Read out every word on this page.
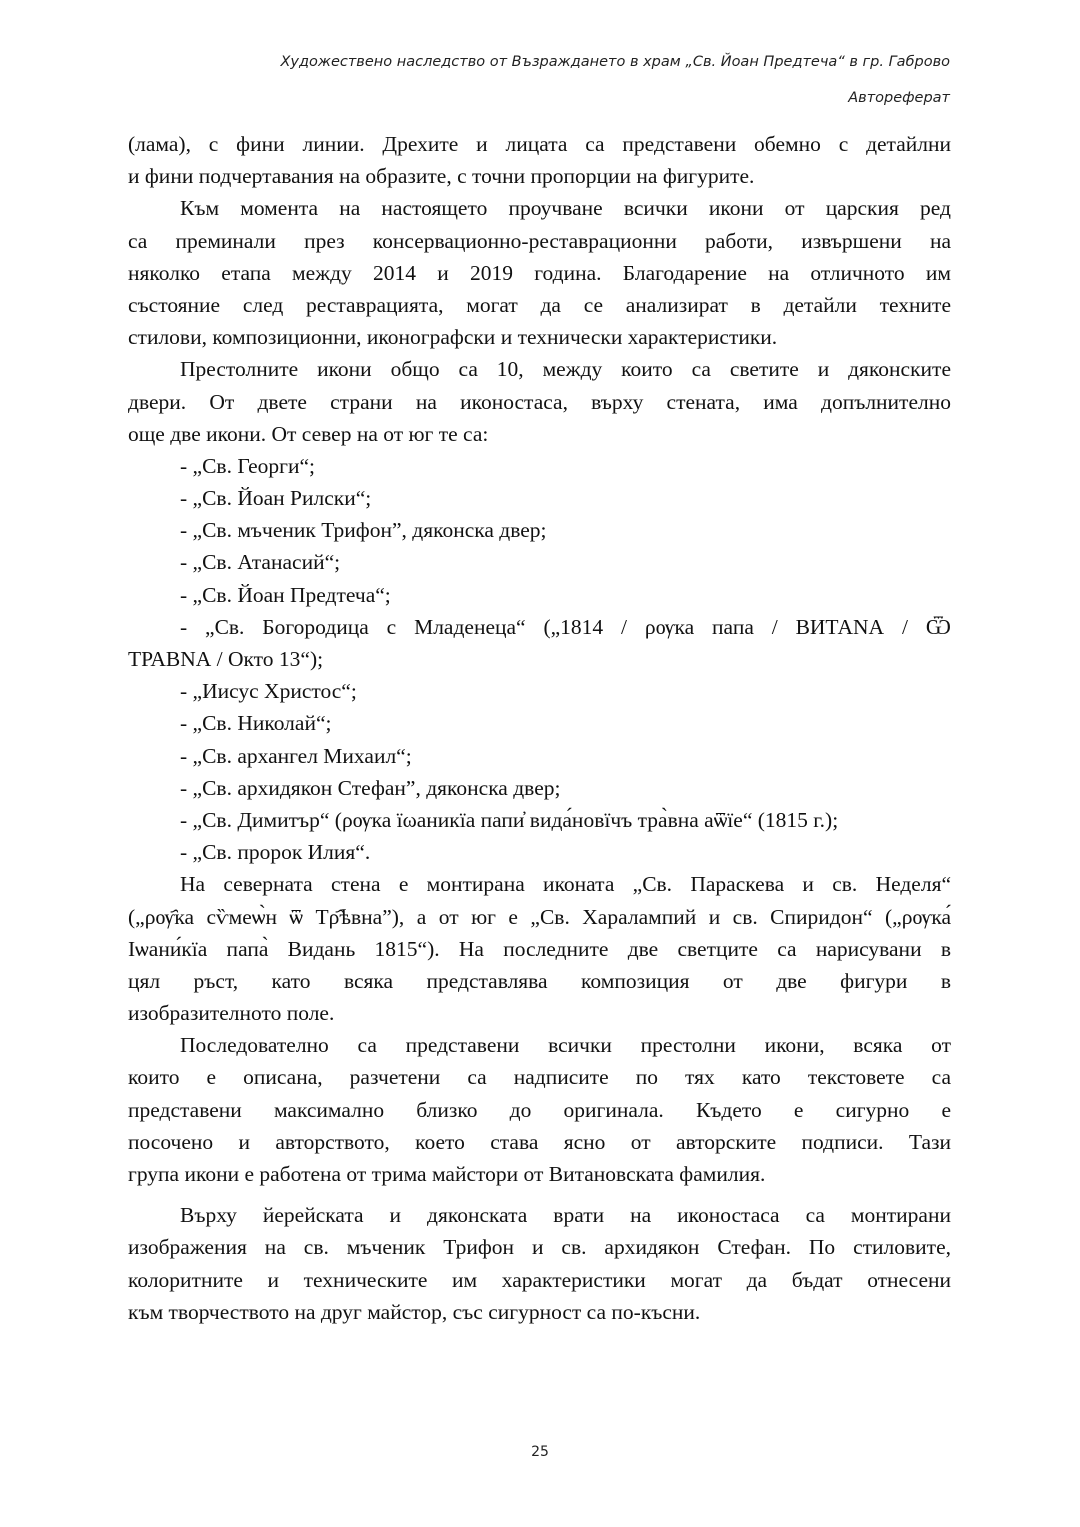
Художествено наследство от Възраждането в храм „Св. Йоан Предтеча“ в гр. Габрово
Автореферат
(лама), с фини линии. Дрехите и лицата са представени обемно с детайлни
и фини подчертавания на образите, с точни пропорции на фигурите.
Към момента на настоящето проучване всички икони от царския ред
са преминали през консервационно-реставрационни работи, извършени на
няколко етапа между 2014 и 2019 година. Благодарение на отличното им
състояние след реставрацията, могат да се анализират в детайли техните
стилови, композиционни, иконографски и технически характеристики.
Престолните икони общо са 10, между които са светите и дяконските
двери. От двете страни на иконостаса, върху стената, има допълнително
още две икони. От север на от юг те са:
- „Св. Георги“;
- „Св. Йоан Рилски“;
- „Св. мъченик Трифон”, дяконска двер;
- „Св. Атанасий“;
- „Св. Йоан Предтеча“;
- „Св. Богородица с Младенеца“ („1814 / ρѹка папа / ВИТАNА / Ѿ
ТРАВNА / Окто 13“);
- „Иисус Христос“;
- „Св. Николай“;
- „Св. архангел Михаил“;
- „Св. архидякон Стефан”, дяконска двер;
- „Св. Димитър“ (ρѹка їωаникїа папи̓ вида́новїчъ тра̀вна аѿїе“ (1815 г.);
- „Св. пророк Илия“.
На северната стена е монтирана иконата „Св. Параскева и св. Неделя“
(„ρѹ҄ка сѷмеѡ̀н ѿ Тρ҄ѣвна”), а от юг е „Св. Харалампий и св. Спиридон“ („ρѹка́
Іѡани́кїа папа̀ Видань 1815“). На последните две светците са нарисувани в
цял ръст, като всяка представлява композиция от две фигури в
изобразителното поле.
Последователно са представени всички престолни икони, всяка от
които е описана, разчетени са надписите по тях като текстовете са
представени максимално близко до оригинала. Където е сигурно е
посочено и авторството, което става ясно от авторските подписи. Тази
група икони е работена от трима майстори от Витановската фамилия.
Върху йерейската и дяконската врати на иконостаса са монтирани
изображения на св. мъченик Трифон и св. архидякон Стефан. По стиловите,
колоритните и техническите им характеристики могат да бъдат отнесени
към творчеството на друг майстор, със сигурност са по-късни.
25
